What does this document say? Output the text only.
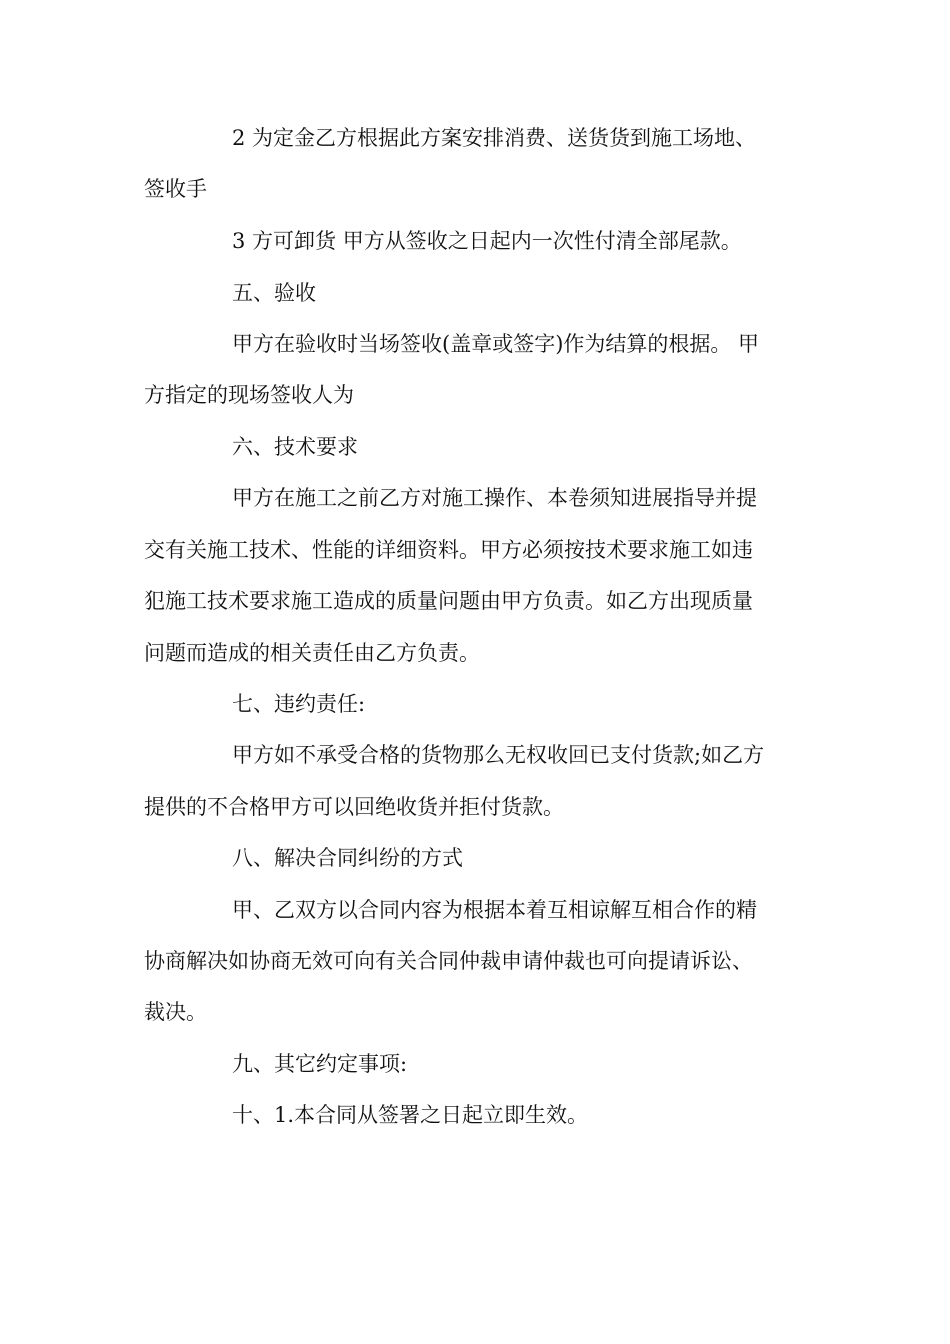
2 为定金乙方根据此方案安排消费、送货货到施工场地、

签收手

3 方可卸货 甲方从签收之日起内一次性付清全部尾款。

五、验收

甲方在验收时当场签收(盖章或签字)作为结算的根据。 甲

方指定的现场签收人为

六、技术要求

甲方在施工之前乙方对施工操作、本卷须知进展指导并提

交有关施工技术、性能的详细资料。甲方必须按技术要求施工如违

犯施工技术要求施工造成的质量问题由甲方负责。如乙方出现质量

问题而造成的相关责任由乙方负责。

七、违约责任:

甲方如不承受合格的货物那么无权收回已支付货款;如乙方

提供的不合格甲方可以回绝收货并拒付货款。

八、解决合同纠纷的方式

甲、乙双方以合同内容为根据本着互相谅解互相合作的精

协商解决如协商无效可向有关合同仲裁申请仲裁也可向提请诉讼、

裁决。

九、其它约定事项:

十、1.本合同从签署之日起立即生效。
